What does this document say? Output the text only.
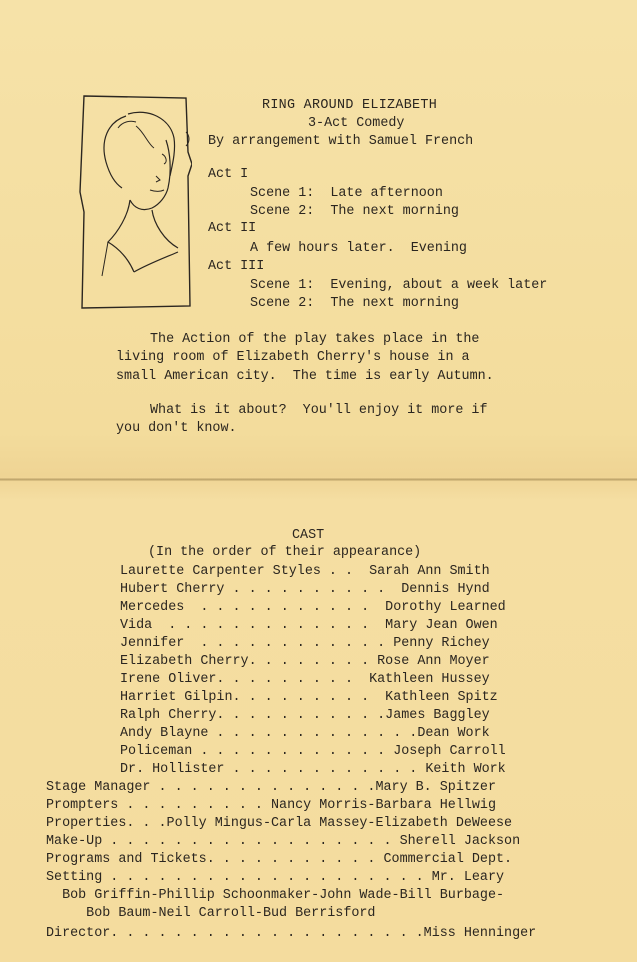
RING AROUND ELIZABETH
3-Act Comedy
By arrangement with Samuel French
Act I
Scene 1:  Late afternoon
Scene 2:  The next morning
Act II
A few hours later.  Evening
Act III
Scene 1:  Evening, about a week later
Scene 2:  The next morning
The Action of the play takes place in the
living room of Elizabeth Cherry's house in a
small American city.  The time is early Autumn.
What is it about?  You'll enjoy it more if
you don't know.
CAST
(In the order of their appearance)
Laurette Carpenter Styles . .  Sarah Ann Smith
Hubert Cherry . . . . . . . . . .  Dennis Hynd
Mercedes  . . . . . . . . . . .  Dorothy Learned
Vida  . . . . . . . . . . . . .  Mary Jean Owen
Jennifer  . . . . . . . . . . . . Penny Richey
Elizabeth Cherry. . . . . . . . Rose Ann Moyer
Irene Oliver. . . . . . . . .  Kathleen Hussey
Harriet Gilpin. . . . . . . . .  Kathleen Spitz
Ralph Cherry. . . . . . . . . . .James Baggley
Andy Blayne . . . . . . . . . . . . .Dean Work
Policeman . . . . . . . . . . . . Joseph Carroll
Dr. Hollister . . . . . . . . . . . . Keith Work
Stage Manager . . . . . . . . . . . . . .Mary B. Spitzer
Prompters . . . . . . . . . Nancy Morris-Barbara Hellwig
Properties. . .Polly Mingus-Carla Massey-Elizabeth DeWeese
Make-Up . . . . . . . . . . . . . . . . . . Sherell Jackson
Programs and Tickets. . . . . . . . . . . Commercial Dept.
Setting . . . . . . . . . . . . . . . . . . . . Mr. Leary
Bob Griffin-Phillip Schoonmaker-John Wade-Bill Burbage-
Bob Baum-Neil Carroll-Bud Berrisford
Director. . . . . . . . . . . . . . . . . . . .Miss Henninger
